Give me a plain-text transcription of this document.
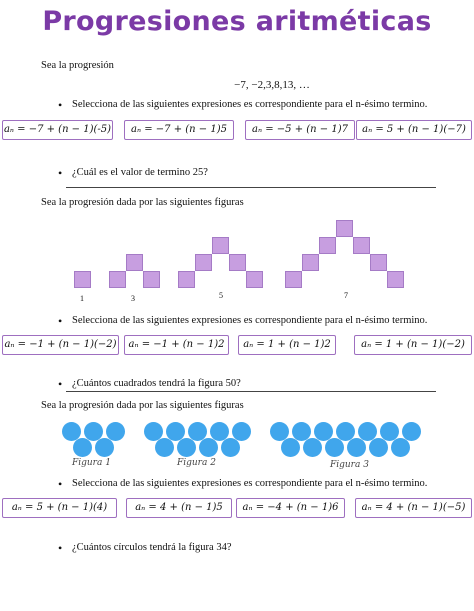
Progresiones aritméticas
Sea la progresión
−7, −2,3,8,13, …
• Selecciona de las siguientes expresiones es correspondiente para el n-ésimo termino.
aₙ = −7 + (n − 1)(-5)	aₙ = −7 + (n − 1)5	aₙ = −5 + (n − 1)7	aₙ = 5 + (n − 1)(−7)
• ¿Cuál es el valor de termino 25?
Sea la progresión dada por las siguientes figuras
1	3	5	7
• Selecciona de las siguientes expresiones es correspondiente para el n-ésimo termino.
aₙ = −1 + (n − 1)(−2)	aₙ = −1 + (n − 1)2	aₙ = 1 + (n − 1)2	aₙ = 1 + (n − 1)(−2)
• ¿Cuántos cuadrados tendrá la figura 50?
Sea la progresión dada por las siguientes figuras
Figura 1	Figura 2	Figura 3
• Selecciona de las siguientes expresiones es correspondiente para el n-ésimo termino.
aₙ = 5 + (n − 1)(4)	aₙ = 4 + (n − 1)5	aₙ = −4 + (n − 1)6	aₙ = 4 + (n − 1)(−5)
• ¿Cuántos círculos tendrá la figura 34?
